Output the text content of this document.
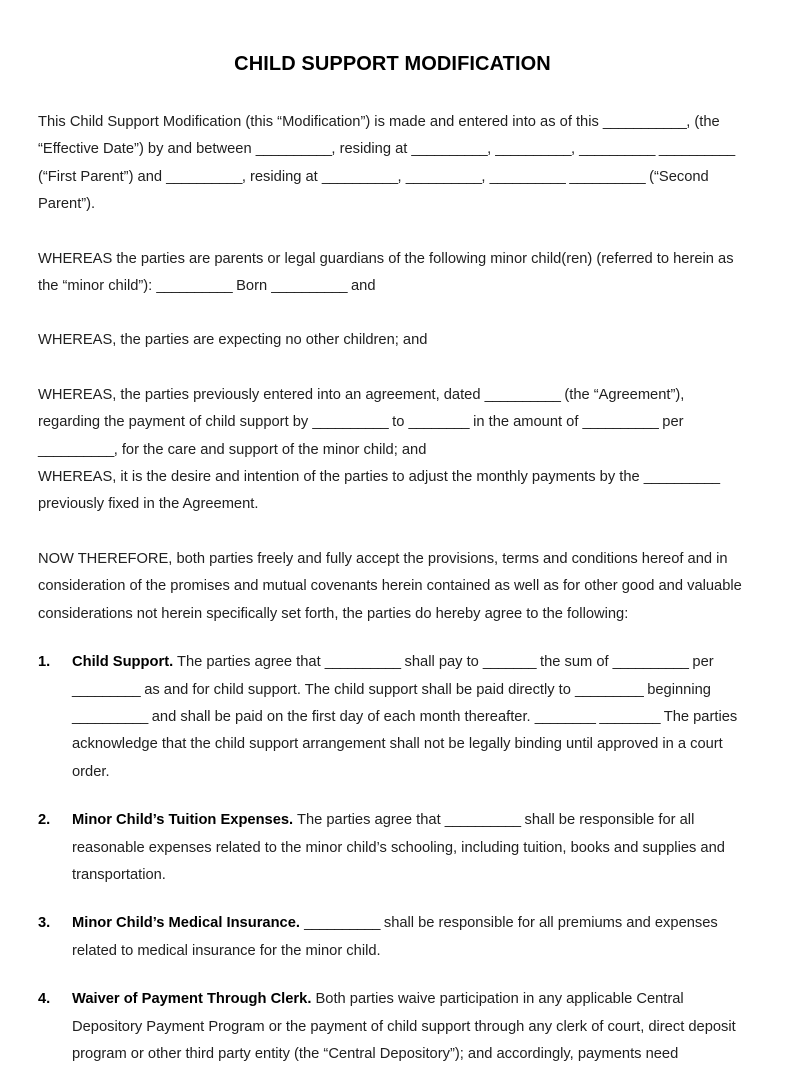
CHILD SUPPORT MODIFICATION

This Child Support Modification (this “Modification”) is made and entered into as of this ___________, (the “Effective Date”) by and between __________, residing at __________, __________, __________ __________ (“First Parent”) and __________, residing at __________, __________, __________ __________ (“Second Parent”).

WHEREAS the parties are parents or legal guardians of the following minor child(ren) (referred to herein as the “minor child”): __________ Born __________ and

WHEREAS, the parties are expecting no other children; and

WHEREAS, the parties previously entered into an agreement, dated __________ (the “Agreement”), regarding the payment of child support by __________ to ________ in the amount of __________ per __________, for the care and support of the minor child; and

WHEREAS, it is the desire and intention of the parties to adjust the monthly payments by the __________ previously fixed in the Agreement.

NOW THEREFORE, both parties freely and fully accept the provisions, terms and conditions hereof and in consideration of the promises and mutual covenants herein contained as well as for other good and valuable considerations not herein specifically set forth, the parties do hereby agree to the following:

1.	Child Support. The parties agree that __________ shall pay to _______ the sum of __________ per _________ as and for child support. The child support shall be paid directly to _________ beginning __________ and shall be paid on the first day of each month thereafter. ________ ________ The parties acknowledge that the child support arrangement shall not be legally binding until approved in a court order.
2.	Minor Child’s Tuition Expenses. The parties agree that __________ shall be responsible for all reasonable expenses related to the minor child’s schooling, including tuition, books and supplies and transportation.
3.	Minor Child’s Medical Insurance. __________ shall be responsible for all premiums and expenses related to medical insurance for the minor child.
4.	Waiver of Payment Through Clerk. Both parties waive participation in any applicable Central Depository Payment Program or the payment of child support through any clerk of court, direct deposit program or other third party entity (the “Central Depository”); and accordingly, payments need
